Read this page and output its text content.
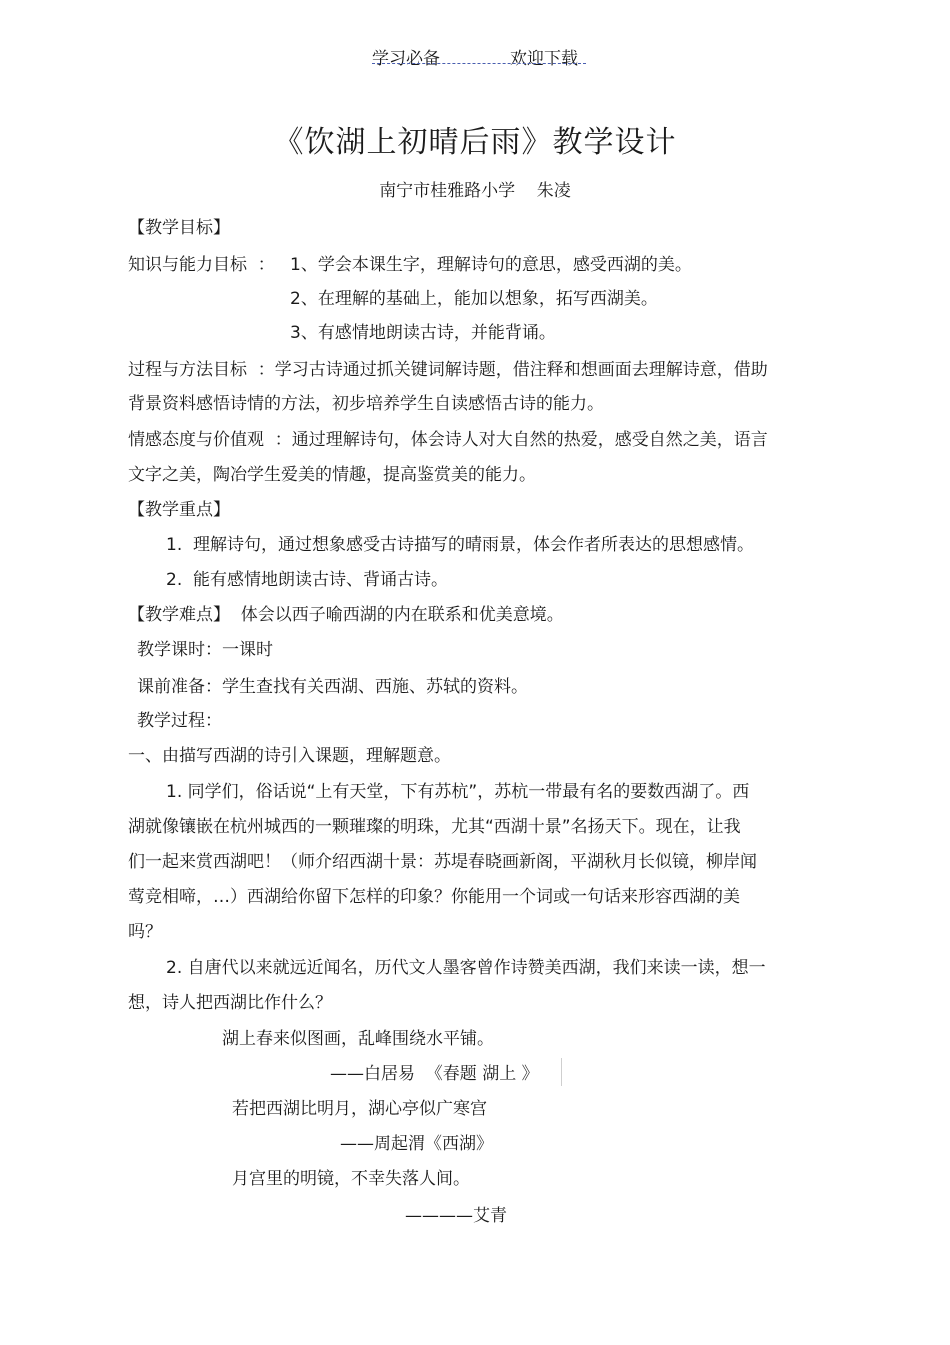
学习必备	欢迎下载
《饮湖上初晴后雨》教学设计
南宁市桂雅路小学    朱凌
【教学目标】
知识与能力目标  ： 1、学会本课生字，理解诗句的意思，感受西湖的美。
2、在理解的基础上，能加以想象，拓写西湖美。
3、有感情地朗读古诗，并能背诵。
过程与方法目标  ：学习古诗通过抓关键词解诗题，借注释和想画面去理解诗意，借助
背景资料感悟诗情的方法，初步培养学生自读感悟古诗的能力。
情感态度与价值观  ：通过理解诗句，体会诗人对大自然的热爱，感受自然之美，语言
文字之美，陶冶学生爱美的情趣，提高鉴赏美的能力。
【教学重点】
1.  理解诗句，通过想象感受古诗描写的晴雨景，体会作者所表达的思想感情。
2.  能有感情地朗读古诗、背诵古诗。
【教学难点】  体会以西子喻西湖的内在联系和优美意境。
教学课时：一课时
课前准备：学生查找有关西湖、西施、苏轼的资料。
教学过程：
一、由描写西湖的诗引入课题，理解题意。
1. 同学们，俗话说“上有天堂，下有苏杭”，苏杭一带最有名的要数西湖了。西
湖就像镶嵌在杭州城西的一颗璀璨的明珠，尤其“西湖十景”名扬天下。现在，让我
们一起来赏西湖吧！（师介绍西湖十景：苏堤春晓画新阁，平湖秋月长似镜，柳岸闻
莺竞相啼，…）西湖给你留下怎样的印象？你能用一个词或一句话来形容西湖的美
吗？
2. 自唐代以来就远近闻名，历代文人墨客曾作诗赞美西湖，我们来读一读，想一
想，诗人把西湖比作什么？
湖上春来似图画，乱峰围绕水平铺。
——白居易  《春题 湖上 》
若把西湖比明月，湖心亭似广寒宫
——周起渭《西湖》
月宫里的明镜，不幸失落人间。
————艾青
